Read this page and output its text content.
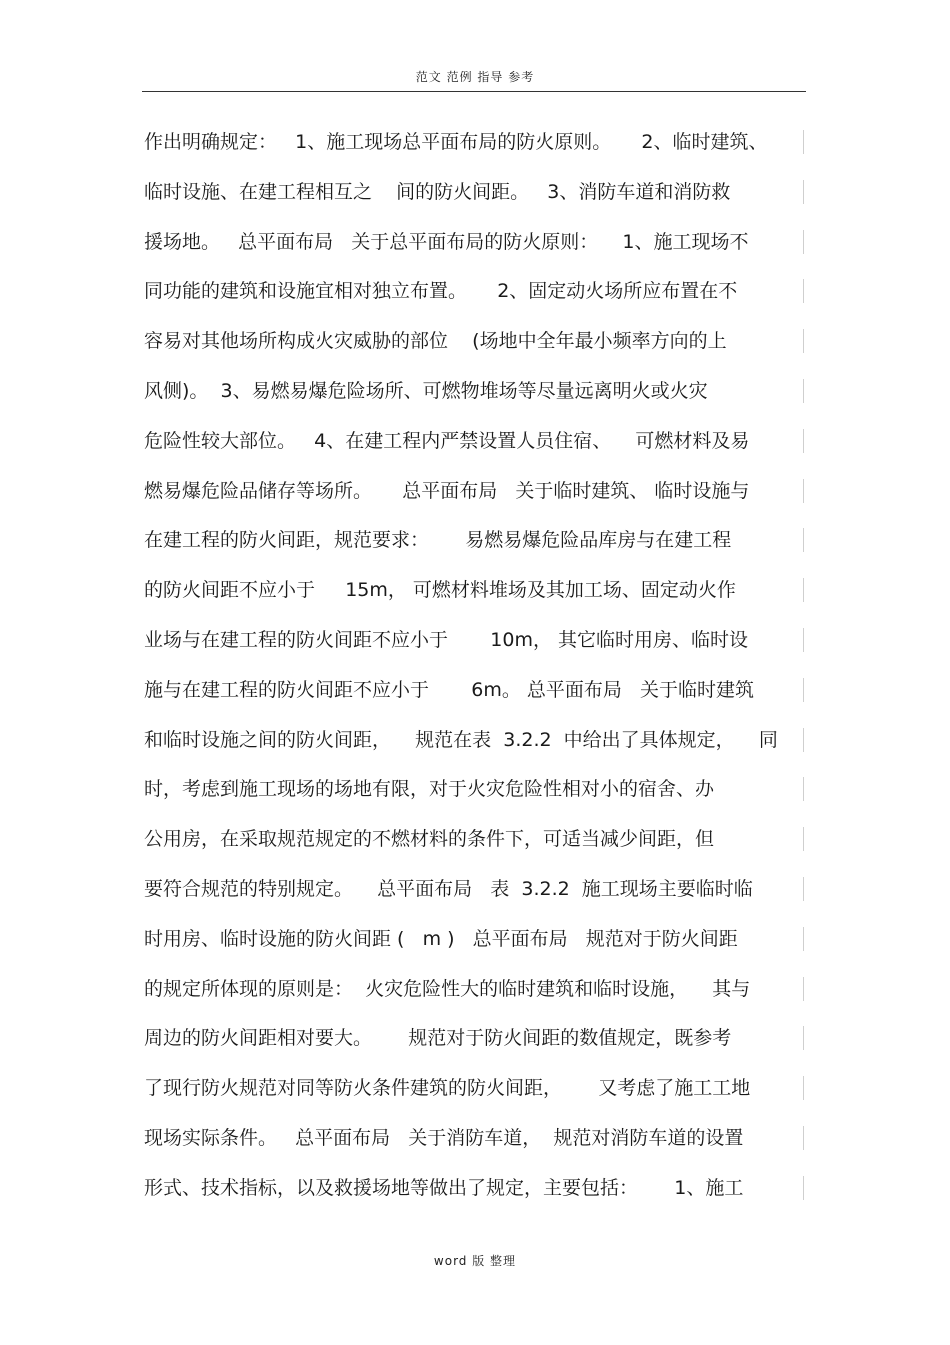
范文 范例 指导 参考
作出明确规定：   1、施工现场总平面布局的防火原则。     2、临时建筑、
临时设施、在建工程相互之    间的防火间距。   3、消防车道和消防救
援场地。   总平面布局   关于总平面布局的防火原则：    1、施工现场不
同功能的建筑和设施宜相对独立布置。     2、固定动火场所应布置在不
容易对其他场所构成火灾威胁的部位    (场地中全年最小频率方向的上
风侧)。  3、易燃易爆危险场所、可燃物堆场等尽量远离明火或火灾
危险性较大部位。   4、在建工程内严禁设置人员住宿、    可燃材料及易
燃易爆危险品储存等场所。     总平面布局   关于临时建筑、 临时设施与
在建工程的防火间距，规范要求：      易燃易爆危险品库房与在建工程
的防火间距不应小于     15m， 可燃材料堆场及其加工场、固定动火作
业场与在建工程的防火间距不应小于       10m， 其它临时用房、临时设
施与在建工程的防火间距不应小于       6m。 总平面布局   关于临时建筑
和临时设施之间的防火间距，    规范在表  3.2.2  中给出了具体规定，    同
时，考虑到施工现场的场地有限，对于火灾危险性相对小的宿舍、办
公用房，在采取规范规定的不燃材料的条件下，可适当减少间距，但
要符合规范的特别规定。    总平面布局   表  3.2.2  施工现场主要临时临
时用房、临时设施的防火间距 (   m )   总平面布局   规范对于防火间距
的规定所体现的原则是：  火灾危险性大的临时建筑和临时设施，    其与
周边的防火间距相对要大。      规范对于防火间距的数值规定，既参考
了现行防火规范对同等防火条件建筑的防火间距，      又考虑了施工工地
现场实际条件。   总平面布局   关于消防车道，  规范对消防车道的设置
形式、技术指标，以及救援场地等做出了规定，主要包括：      1、施工
word 版 整理
